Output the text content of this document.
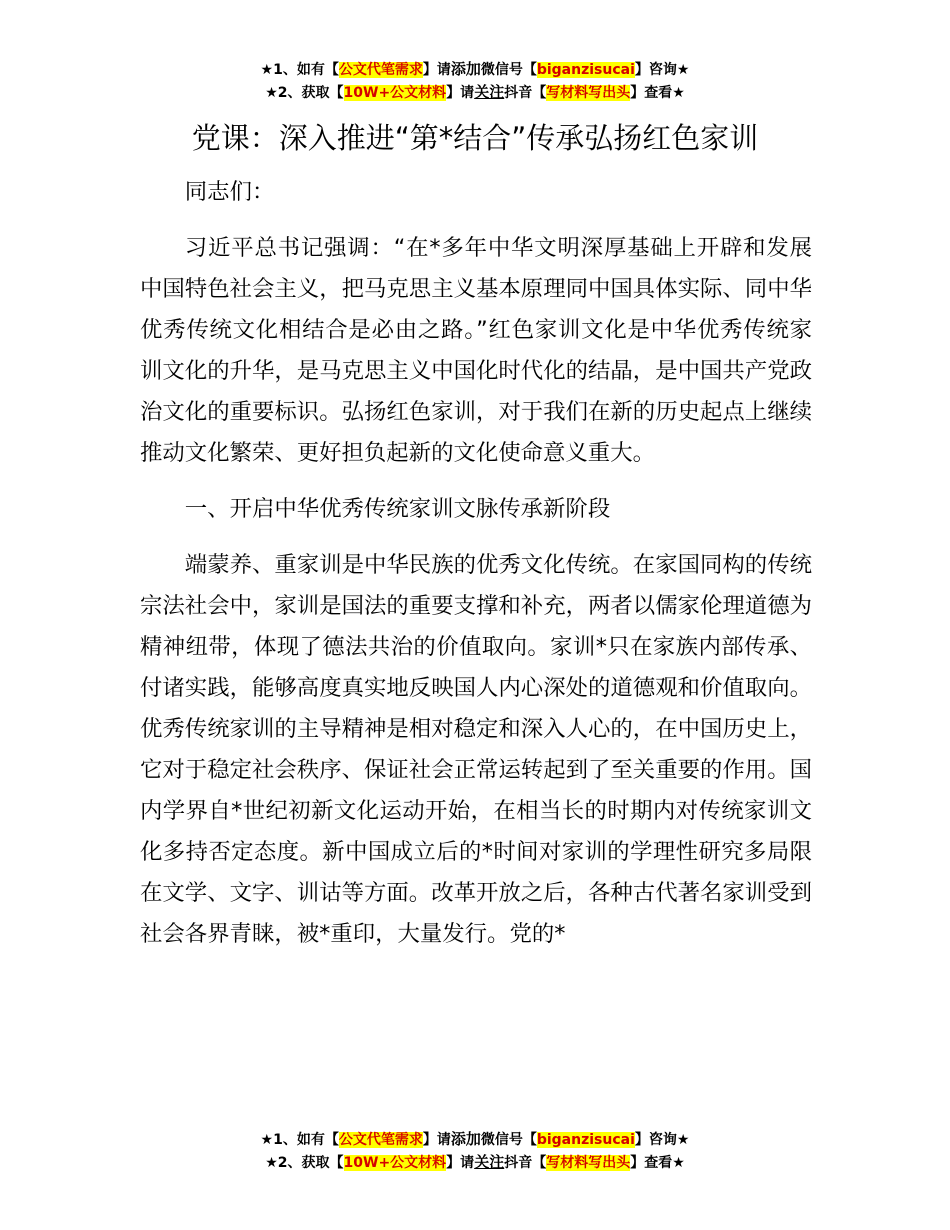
★1、如有【公文代笔需求】请添加微信号【biganzisucai】咨询★
★2、获取【10W+公文材料】请关注抖音【写材料写出头】查看★
党课：深入推进“第*结合”传承弘扬红色家训

同志们：

习近平总书记强调：“在*多年中华文明深厚基础上开辟和发展中国特色社会主义，把马克思主义基本原理同中国具体实际、同中华优秀传统文化相结合是必由之路。”红色家训文化是中华优秀传统家训文化的升华，是马克思主义中国化时代化的结晶，是中国共产党政治文化的重要标识。弘扬红色家训，对于我们在新的历史起点上继续推动文化繁荣、更好担负起新的文化使命意义重大。

一、开启中华优秀传统家训文脉传承新阶段

端蒙养、重家训是中华民族的优秀文化传统。在家国同构的传统宗法社会中，家训是国法的重要支撑和补充，两者以儒家伦理道德为精神纽带，体现了德法共治的价值取向。家训*只在家族内部传承、付诸实践，能够高度真实地反映国人内心深处的道德观和价值取向。优秀传统家训的主导精神是相对稳定和深入人心的，在中国历史上，它对于稳定社会秩序、保证社会正常运转起到了至关重要的作用。国内学界自*世纪初新文化运动开始，在相当长的时期内对传统家训文化多持否定态度。新中国成立后的*时间对家训的学理性研究多局限在文学、文字、训诂等方面。改革开放之后，各种古代著名家训受到社会各界青睐，被*重印，大量发行。党的*

★1、如有【公文代笔需求】请添加微信号【biganzisucai】咨询★
★2、获取【10W+公文材料】请关注抖音【写材料写出头】查看★
